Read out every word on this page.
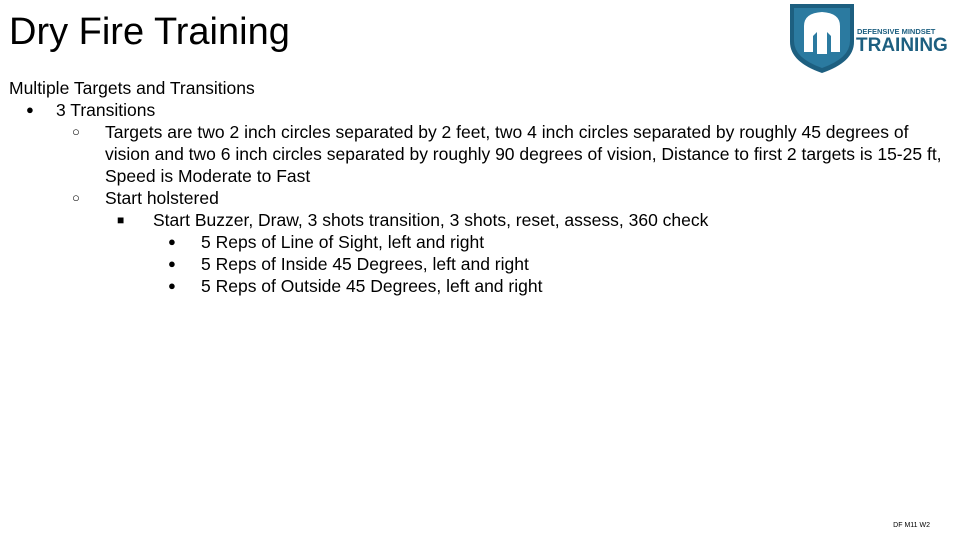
Dry Fire Training	DEFENSIVE MINDSET
TRAINING

Multiple Targets and Transitions

● 3 Transitions

○ Targets are two 2 inch circles separated by 2 feet, two 4 inch circles separated by roughly 45 degrees of vision and two 6 inch circles separated by roughly 90 degrees of vision, Distance to first 2 targets is 15-25 ft, Speed is Moderate to Fast

○ Start holstered

■ Start Buzzer, Draw, 3 shots transition, 3 shots, reset, assess, 360 check

● 5 Reps of Line of Sight, left and right

● 5 Reps of Inside 45 Degrees, left and right

● 5 Reps of Outside 45 Degrees, left and right

DF M11 W2
